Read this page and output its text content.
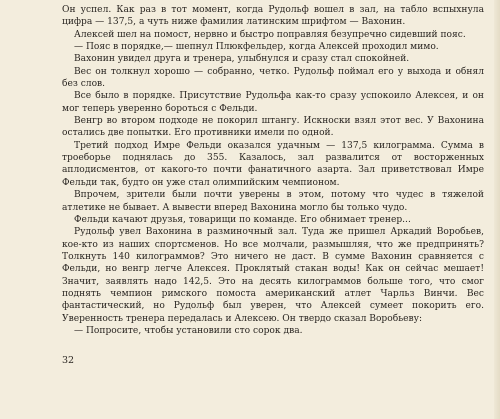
Он успел. Как раз в тот момент, когда Рудольф вошел в зал, на табло вспыхнула цифра — 137,5, а чуть ниже фамилия латинским шрифтом — Вахонин.

Алексей шел на помост, нервно и быстро поправляя безупречно сидевший пояс.

— Пояс в порядке,— шепнул Плюкфельдер, когда Алексей проходил мимо.

Вахонин увидел друга и тренера, улыбнулся и сразу стал спокойней.

Вес он толкнул хорошо — собранно, четко. Рудольф поймал его у выхода и обнял без слов.

Все было в порядке. Присутствие Рудольфа как-то сразу успокоило Алексея, и он мог теперь уверенно бороться с Фельди.

Венгр во втором подходе не покорил штангу. Искноски взял этот вес. У Вахонина остались две попытки. Его противники имели по одной.

Третий подход Имре Фельди оказался удачным — 137,5 килограмма. Сумма в троеборье поднялась до 355. Казалось, зал развалится от восторженных аплодисментов, от какого-то почти фанатичного азарта. Зал приветствовал Имре Фельди так, будто он уже стал олимпийским чемпионом.

Впрочем, зрители были почти уверены в этом, потому что чудес в тяжелой атлетике не бывает. А вывести вперед Вахонина могло бы только чудо.

Фельди качают друзья, товарищи по команде. Его обнимает тренер...

Рудольф увел Вахонина в разминочный зал. Туда же пришел Аркадий Воробьев, кое-кто из наших спортсменов. Но все молчали, размышляя, что же предпринять? Толкнуть 140 килограммов? Это ничего не даст. В сумме Вахонин сравняется с Фельди, но венгр легче Алексея. Проклятый стакан воды! Как он сейчас мешает! Значит, заявлять надо 142,5. Это на десять килограммов больше того, что смог поднять чемпион римского помоста американский атлет Чарльз Винчи. Вес фантастический, но Рудольф был уверен, что Алексей сумеет покорить его. Уверенность тренера передалась и Алексею. Он твердо сказал Воробьеву:

— Попросите, чтобы установили сто сорок два.

32
